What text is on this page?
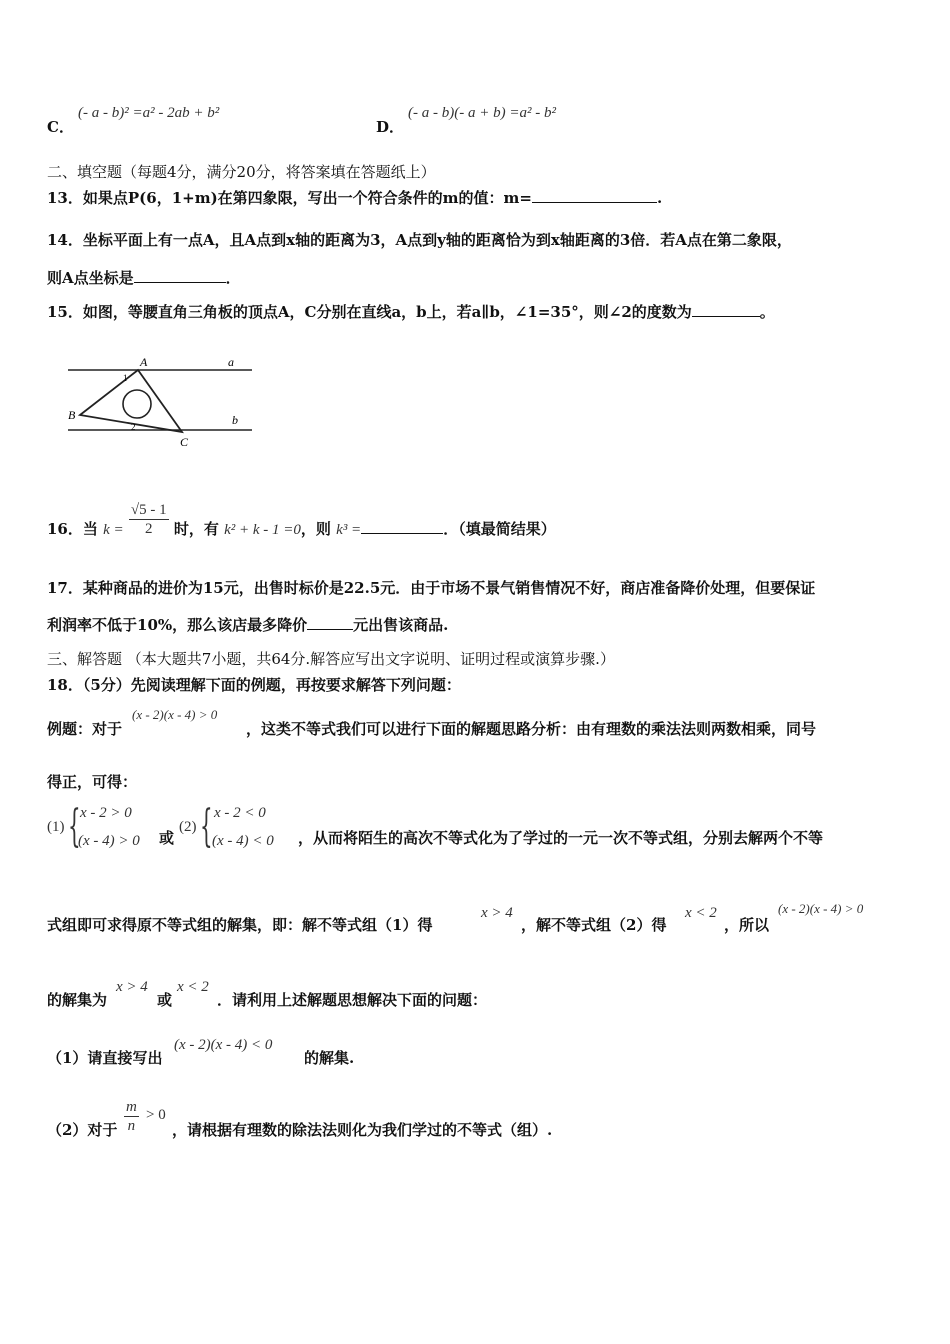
C．
(- a - b)² =a² - 2ab + b²
D．
(- a - b)(- a + b) =a² - b²
二、填空题（每题4分，满分20分，将答案填在答题纸上）
13．如果点P(6，1+m)在第四象限，写出一个符合条件的m的值：m=	.
14．坐标平面上有一点A，且A点到x轴的距离为3，A点到y轴的距离恰为到x轴距离的3倍．若A点在第二象限，
则A点坐标是	．
15．如图，等腰直角三角板的顶点A，C分别在直线a，b上，若a∥b，∠1=35°，则∠2的度数为	。
A	a
B	b
C
1
2
16．当 $k = \frac{√5 - 1}{2}$ 时，有 k² + k - 1 =0，则 k³ =	．（填最简结果）
17．某种商品的进价为15元，出售时标价是22.5元．由于市场不景气销售情况不好，商店准备降价处理，但要保证
利润率不低于10%，那么该店最多降价	元出售该商品.
三、解答题 （本大题共7小题，共64分.解答应写出文字说明、证明过程或演算步骤.）
18．（5分）先阅读理解下面的例题，再按要求解答下列问题：
例题：对于
(x - 2)(x - 4) > 0
，这类不等式我们可以进行下面的解题思路分析：由有理数的乘法法则两数相乘，同号
得正，可得：
(1) { x - 2 > 0
(x - 4) > 0 或
(2) { x - 2 < 0
(x - 4) < 0 ，从而将陌生的高次不等式化为了学过的一元一次不等式组，分别去解两个不等
式组即可求得原不等式组的解集，即：解不等式组（1）得
x > 4
，解不等式组（2）得
x < 2
，所以
(x - 2)(x - 4) > 0
的解集为
x > 4
或
x < 2
．请利用上述解题思想解决下面的问题：
（1）请直接写出
(x - 2)(x - 4) < 0
的解集.
（2）对于 $\frac{m}{n} > 0$
，请根据有理数的除法法则化为我们学过的不等式（组）.
